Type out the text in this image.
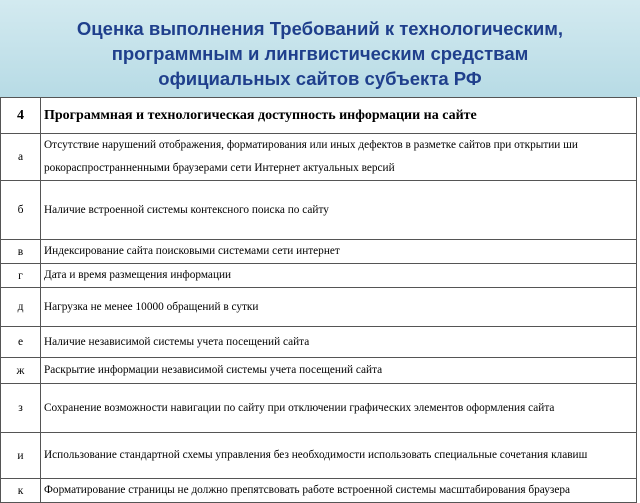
Оценка выполнения Требований к технологическим,
программным и лингвистическим средствам
официальных сайтов субъекта РФ
4	Программная и технологическая доступность информации на сайте
а	Отсутствие нарушений отображения, форматирования или иных дефектов в разметке сайтов при открытии ши рокораспространненными браузерами сети Интернет актуальных версий
б	Наличие встроенной системы контексного поиска по сайту
в	Индексирование сайта поисковыми системами сети интернет
г	Дата и время размещения информации
д	Нагрузка не менее 10000 обращений в сутки
е	Наличие независимой системы учета посещений сайта
ж	Раскрытие информации независимой системы учета посещений сайта
з	Сохранение возможности навигации по сайту при отключении графических элементов оформления сайта
и	Использование стандартной схемы управления без необходимости использовать специальные сочетания клавиш
к	Форматирование страницы не должно препятсвовать работе встроенной системы масштабирования браузера
